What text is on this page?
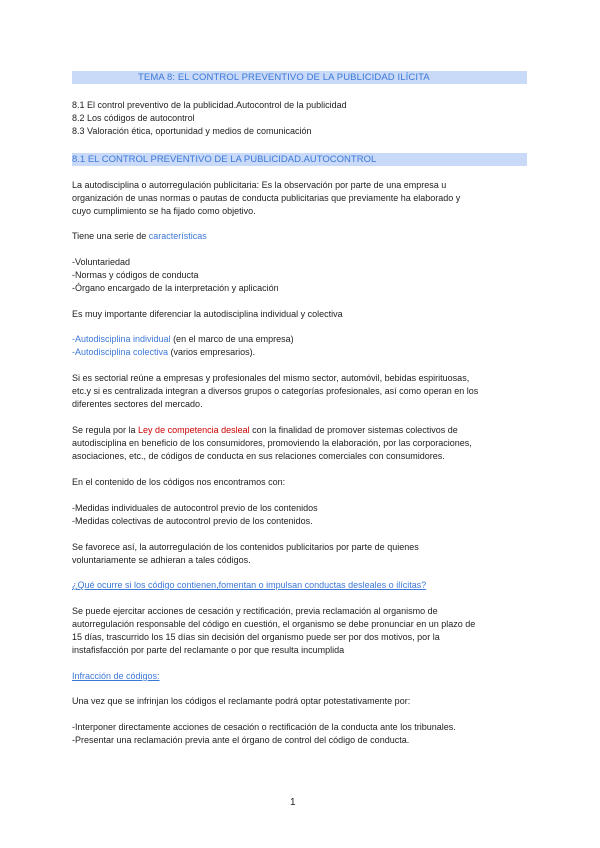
TEMA 8: EL CONTROL PREVENTIVO DE LA PUBLICIDAD ILÍCITA
8.1 El control preventivo de la publicidad.Autocontrol de la publicidad
8.2 Los códigos de autocontrol
8.3 Valoración ética, oportunidad y medios de comunicación
8.1 EL CONTROL PREVENTIVO DE LA PUBLICIDAD.AUTOCONTROL
La autodisciplina o autorregulación publicitaria: Es la observación por parte de una empresa u
organización de unas normas o pautas de conducta publicitarias que previamente ha elaborado y
cuyo cumplimiento se ha fijado como objetivo.
Tiene una serie de características
-Voluntariedad
-Normas y códigos de conducta
-Órgano encargado de la interpretación y aplicación
Es muy importante diferenciar la autodisciplina individual y colectiva
-Autodisciplina individual (en el marco de una empresa)
-Autodisciplina colectiva (varios empresarios).
Si es sectorial reúne a empresas y profesionales del mismo sector, automóvil, bebidas espirituosas,
etc.y si es centralizada integran a diversos grupos o categorías profesionales, así como operan en los
diferentes sectores del mercado.
Se regula por la Ley de competencia desleal con la finalidad de promover sistemas colectivos de
autodisciplina en beneficio de los consumidores, promoviendo la elaboración, por las corporaciones,
asociaciones, etc., de códigos de conducta en sus relaciones comerciales con consumidores.
En el contenido de los códigos nos encontramos con:
-Medidas individuales de autocontrol previo de los contenidos
-Medidas colectivas de autocontrol previo de los contenidos.
Se favorece así, la autorregulación de los contenidos publicitarios por parte de quienes
voluntariamente se adhieran a tales códigos.
¿Qué ocurre si los código contienen,fomentan o impulsan conductas desleales o ilícitas?
Se puede ejercitar acciones de cesación y rectificación, previa reclamación al organismo de
autorregulación responsable del código en cuestión, el organismo se debe pronunciar en un plazo de
15 días, trascurrido los 15 días sin decisión del organismo puede ser por dos motivos, por la
instafisfacción por parte del reclamante o por que resulta incumplida
Infracción de códigos:
Una vez que se infrinjan los códigos el reclamante podrá optar potestativamente por:
-Interponer directamente acciones de cesación o rectificación de la conducta ante los tribunales.
-Presentar una reclamación previa ante el órgano de control del código de conducta.
1
